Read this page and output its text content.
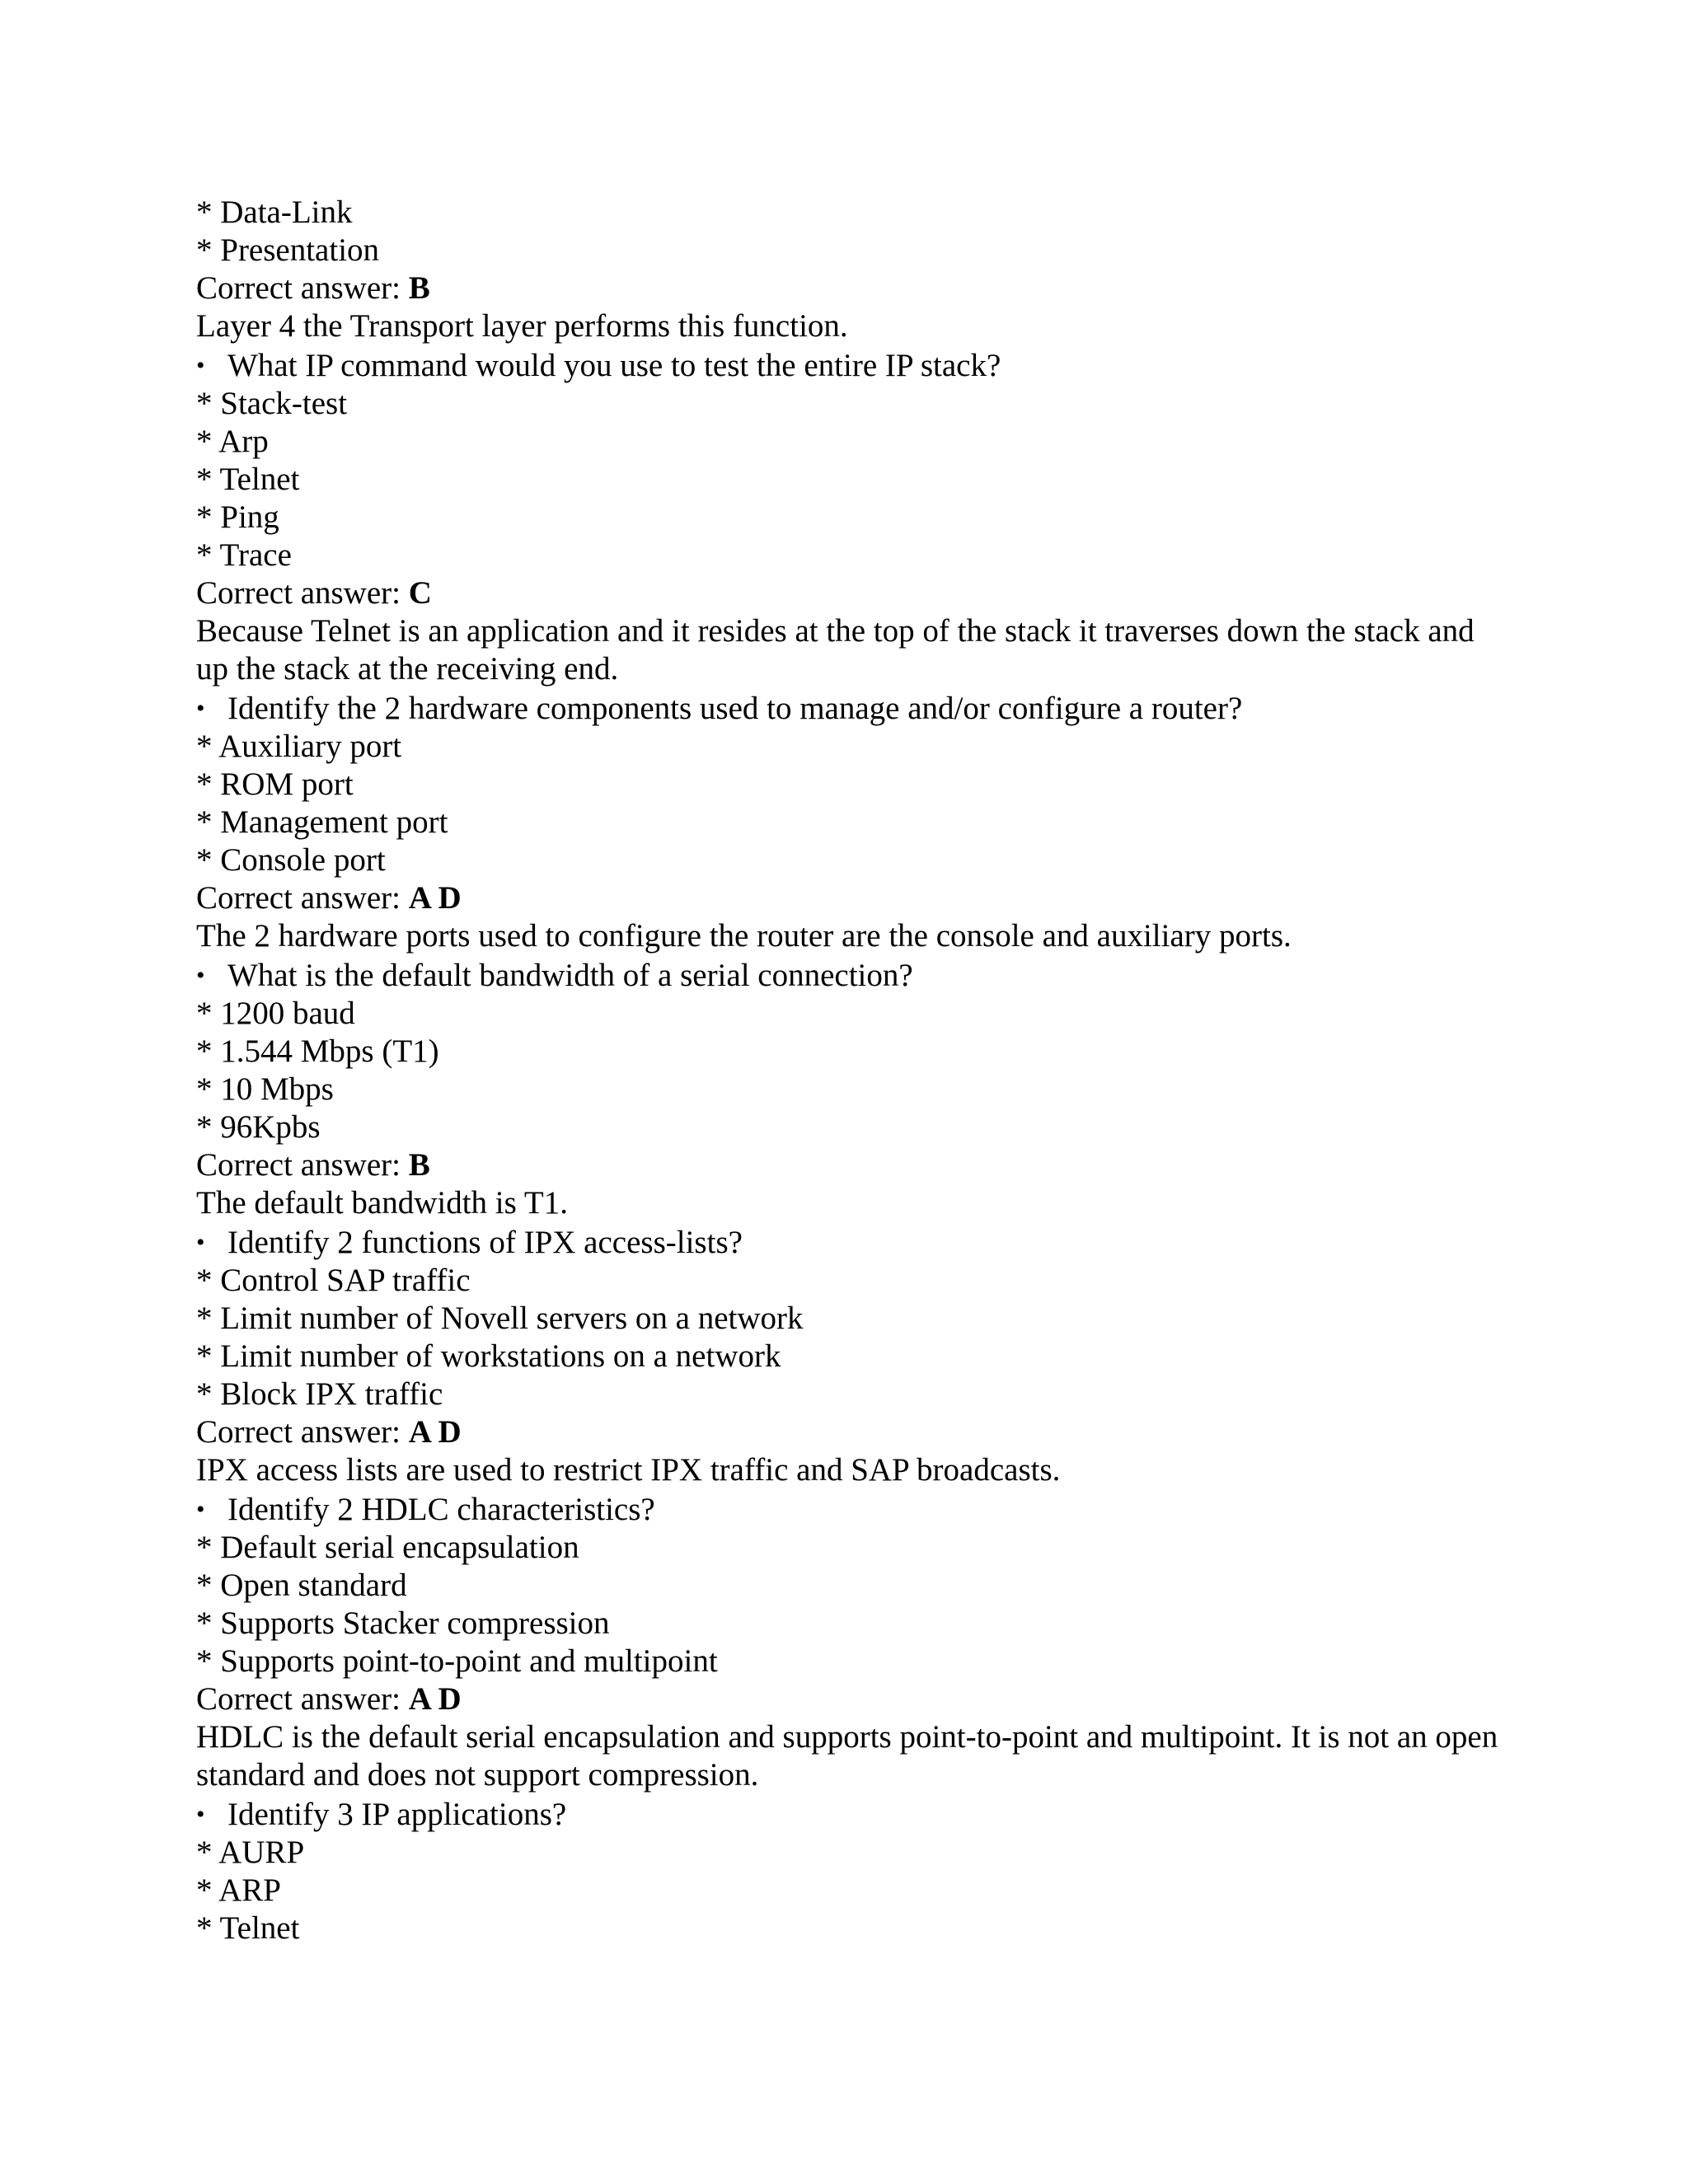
* Data-Link
* Presentation
Correct answer: B
Layer 4 the Transport layer performs this function.
• What IP command would you use to test the entire IP stack?
* Stack-test
* Arp
* Telnet
* Ping
* Trace
Correct answer: C
Because Telnet is an application and it resides at the top of the stack it traverses down the stack and up the stack at the receiving end.
• Identify the 2 hardware components used to manage and/or configure a router?
* Auxiliary port
* ROM port
* Management port
* Console port
Correct answer: A D
The 2 hardware ports used to configure the router are the console and auxiliary ports.
• What is the default bandwidth of a serial connection?
* 1200 baud
* 1.544 Mbps (T1)
* 10 Mbps
* 96Kpbs
Correct answer: B
The default bandwidth is T1.
• Identify 2 functions of IPX access-lists?
* Control SAP traffic
* Limit number of Novell servers on a network
* Limit number of workstations on a network
* Block IPX traffic
Correct answer: A D
IPX access lists are used to restrict IPX traffic and SAP broadcasts.
• Identify 2 HDLC characteristics?
* Default serial encapsulation
* Open standard
* Supports Stacker compression
* Supports point-to-point and multipoint
Correct answer: A D
HDLC is the default serial encapsulation and supports point-to-point and multipoint. It is not an open standard and does not support compression.
• Identify 3 IP applications?
* AURP
* ARP
* Telnet
